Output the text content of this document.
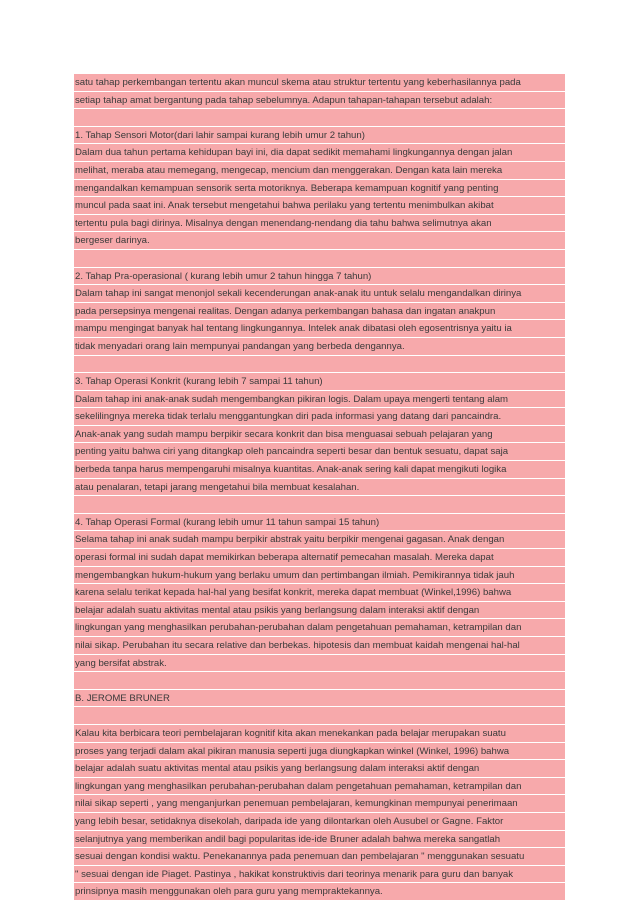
satu tahap perkembangan tertentu akan muncul skema atau struktur tertentu yang keberhasilannya pada
setiap tahap amat bergantung pada tahap sebelumnya. Adapun tahapan-tahapan tersebut adalah:
1. Tahap Sensori Motor(dari lahir sampai kurang lebih umur 2 tahun)
Dalam dua tahun pertama kehidupan bayi ini, dia dapat sedikit memahami lingkungannya dengan jalan
melihat, meraba atau memegang, mengecap, mencium dan menggerakan. Dengan kata lain mereka
mengandalkan kemampuan sensorik serta motoriknya. Beberapa kemampuan kognitif yang penting
muncul pada saat ini. Anak tersebut mengetahui bahwa perilaku yang tertentu menimbulkan akibat
tertentu pula bagi dirinya. Misalnya dengan menendang-nendang dia tahu bahwa selimutnya akan
bergeser darinya.
2. Tahap Pra-operasional ( kurang lebih umur 2 tahun hingga 7 tahun)
Dalam tahap ini sangat menonjol sekali kecenderungan anak-anak itu untuk selalu mengandalkan dirinya
pada persepsinya mengenai realitas. Dengan adanya perkembangan bahasa dan ingatan anakpun
mampu mengingat banyak hal tentang lingkungannya. Intelek anak dibatasi oleh egosentrisnya yaitu ia
tidak menyadari orang lain mempunyai pandangan yang berbeda dengannya.
3. Tahap Operasi Konkrit (kurang lebih 7 sampai 11 tahun)
Dalam tahap ini anak-anak sudah mengembangkan pikiran logis. Dalam upaya mengerti tentang alam
sekelilingnya mereka tidak terlalu menggantungkan diri pada informasi yang datang dari pancaindra.
Anak-anak yang sudah mampu berpikir secara konkrit dan bisa menguasai sebuah pelajaran yang
penting yaitu bahwa ciri yang ditangkap oleh pancaindra seperti besar dan bentuk sesuatu, dapat saja
berbeda tanpa harus mempengaruhi misalnya kuantitas. Anak-anak sering kali dapat mengikuti logika
atau penalaran, tetapi jarang mengetahui bila membuat kesalahan.
4. Tahap Operasi Formal (kurang lebih umur 11 tahun sampai 15 tahun)
Selama tahap ini anak sudah mampu berpikir abstrak yaitu berpikir mengenai gagasan. Anak dengan
operasi formal ini sudah dapat memikirkan beberapa alternatif pemecahan masalah. Mereka dapat
mengembangkan hukum-hukum yang berlaku umum dan pertimbangan ilmiah. Pemikirannya tidak jauh
karena selalu terikat kepada hal-hal yang besifat konkrit, mereka dapat membuat (Winkel,1996) bahwa
belajar adalah suatu aktivitas mental atau psikis yang berlangsung dalam interaksi aktif dengan
lingkungan yang menghasilkan perubahan-perubahan dalam pengetahuan pemahaman, ketrampilan dan
nilai sikap. Perubahan itu secara relative dan berbekas. hipotesis dan membuat kaidah mengenai hal-hal
yang bersifat abstrak.
B. JEROME BRUNER
Kalau kita berbicara teori pembelajaran kognitif kita akan menekankan pada belajar merupakan suatu
proses yang terjadi dalam akal pikiran manusia seperti juga diungkapkan winkel (Winkel, 1996) bahwa
belajar adalah suatu aktivitas mental atau psikis yang berlangsung dalam interaksi aktif dengan
lingkungan yang menghasilkan perubahan-perubahan dalam pengetahuan pemahaman, ketrampilan dan
nilai sikap seperti , yang menganjurkan penemuan pembelajaran, kemungkinan mempunyai penerimaan
yang lebih besar, setidaknya disekolah, daripada ide yang dilontarkan oleh Ausubel or Gagne. Faktor
selanjutnya yang memberikan andil bagi popularitas ide-ide Bruner adalah bahwa mereka sangatlah
sesuai dengan kondisi waktu. Penekanannya pada penemuan dan pembelajaran " menggunakan sesuatu
" sesuai dengan ide Piaget. Pastinya , hakikat konstruktivis dari teorinya menarik para guru dan banyak
prinsipnya masih menggunakan oleh para guru yang mempraktekannya.
